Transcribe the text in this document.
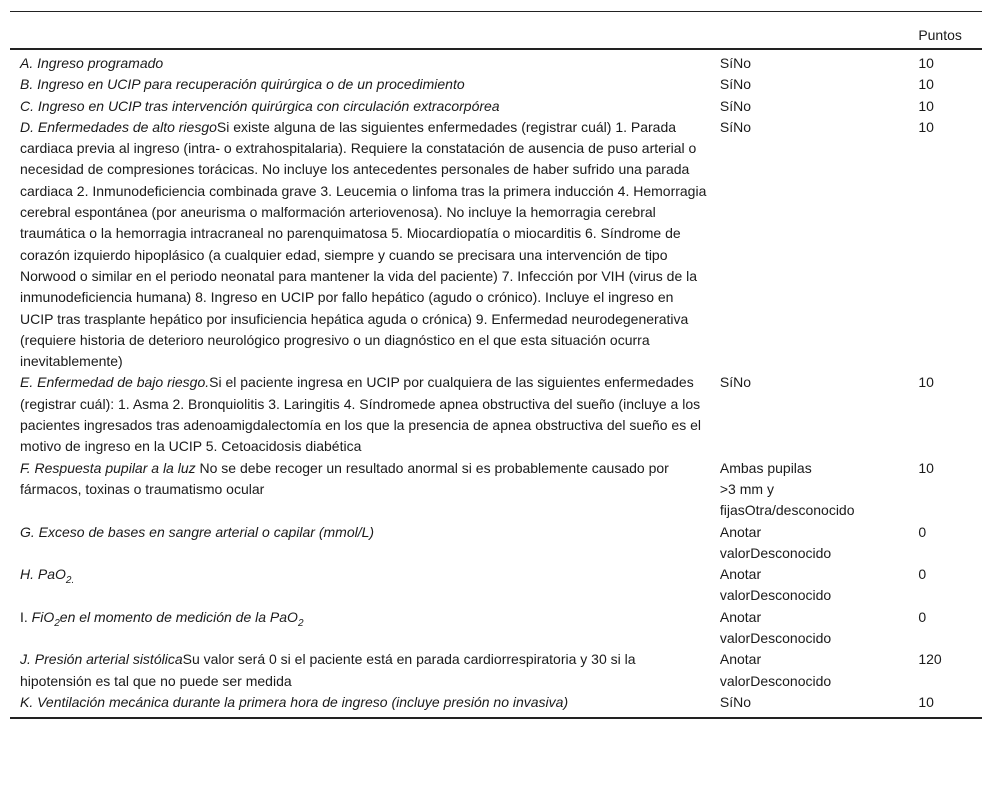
		Puntos
A. Ingreso programado	SíNo	10
B. Ingreso en UCIP para recuperación quirúrgica o de un procedimiento	SíNo	10
C. Ingreso en UCIP tras intervención quirúrgica con circulación extracorpórea	SíNo	10
D. Enfermedades de alto riesgoSi existe alguna de las siguientes enfermedades (registrar cuál) 1. Parada cardiaca previa al ingreso (intra- o extrahospitalaria). Requiere la constatación de ausencia de puso arterial o necesidad de compresiones torácicas. No incluye los antecedentes personales de haber sufrido una parada cardiaca 2. Inmunodeficiencia combinada grave 3. Leucemia o linfoma tras la primera inducción 4. Hemorragia cerebral espontánea (por aneurisma o malformación arteriovenosa). No incluye la hemorragia cerebral traumática o la hemorragia intracraneal no parenquimatosa 5. Miocardiopatía o miocarditis 6. Síndrome de corazón izquierdo hipoplásico (a cualquier edad, siempre y cuando se precisara una intervención de tipo Norwood o similar en el periodo neonatal para mantener la vida del paciente) 7. Infección por VIH (virus de la inmunodeficiencia humana) 8. Ingreso en UCIP por fallo hepático (agudo o crónico). Incluye el ingreso en UCIP tras trasplante hepático por insuficiencia hepática aguda o crónica) 9. Enfermedad neurodegenerativa (requiere historia de deterioro neurológico progresivo o un diagnóstico en el que esta situación ocurra inevitablemente)	SíNo	10
E. Enfermedad de bajo riesgo.Si el paciente ingresa en UCIP por cualquiera de las siguientes enfermedades (registrar cuál): 1. Asma 2. Bronquiolitis 3. Laringitis 4. Síndromede apnea obstructiva del sueño (incluye a los pacientes ingresados tras adenoamigdalectomía en los que la presencia de apnea obstructiva del sueño es el motivo de ingreso en la UCIP 5. Cetoacidosis diabética	SíNo	10
F. Respuesta pupilar a la luz No se debe recoger un resultado anormal si es probablemente causado por fármacos, toxinas o traumatismo ocular	Ambas pupilas
>3 mm y
fijasOtra/desconocido	10
G. Exceso de bases en sangre arterial o capilar (mmol/L)	Anotar
valorDesconocido	0
H. PaO$_{2.}$	Anotar
valorDesconocido	0
I. FiO$_2$en el momento de medición de la PaO$_2$	Anotar
valorDesconocido	0
J. Presión arterial sistólicaSu valor será 0 si el paciente está en parada cardiorrespiratoria y 30 si la hipotensión es tal que no puede ser medida	Anotar
valorDesconocido	120
K. Ventilación mecánica durante la primera hora de ingreso (incluye presión no invasiva)	SíNo	10
